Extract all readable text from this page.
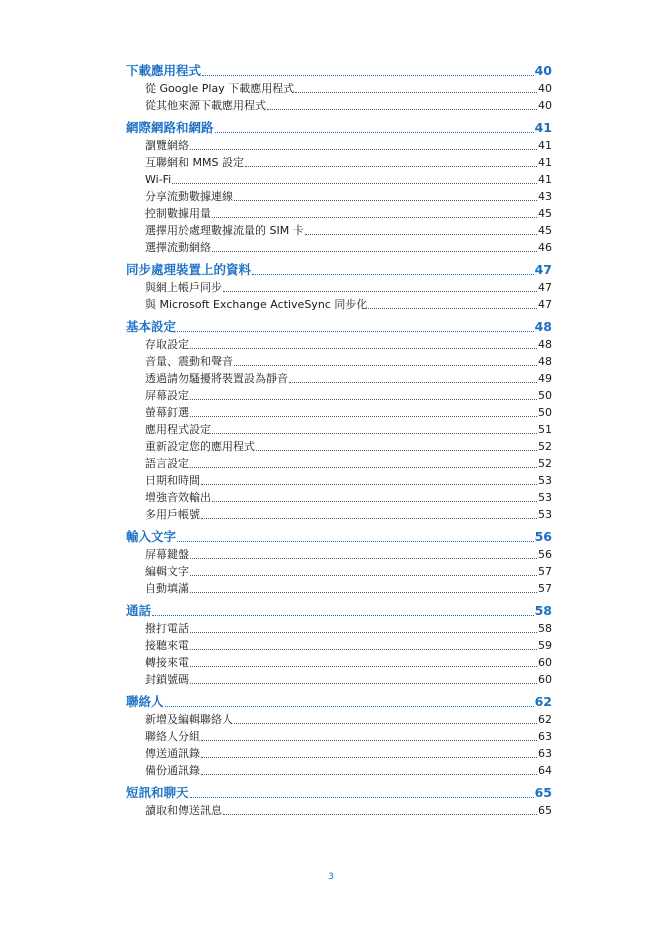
下載應用程式	40
從 Google Play 下載應用程式	40
從其他來源下載應用程式	40
網際網路和網路	41
瀏覽網絡	41
互聯網和 MMS 設定	41
Wi-Fi	41
分享流動數據連線	43
控制數據用量	45
選擇用於處理數據流量的 SIM 卡	45
選擇流動網絡	46
同步處理裝置上的資料	47
與網上帳戶同步	47
與 Microsoft Exchange ActiveSync 同步化	47
基本設定	48
存取設定	48
音量、震動和聲音	48
透過請勿騷擾將裝置設為靜音	49
屏幕設定	50
螢幕釘選	50
應用程式設定	51
重新設定您的應用程式	52
語言設定	52
日期和時間	53
增強音效輸出	53
多用戶帳號	53
輸入文字	56
屏幕鍵盤	56
編輯文字	57
自動填滿	57
通話	58
撥打電話	58
接聽來電	59
轉接來電	60
封鎖號碼	60
聯絡人	62
新增及編輯聯絡人	62
聯絡人分組	63
傳送通訊錄	63
備份通訊錄	64
短訊和聊天	65
讀取和傳送訊息	65
3
